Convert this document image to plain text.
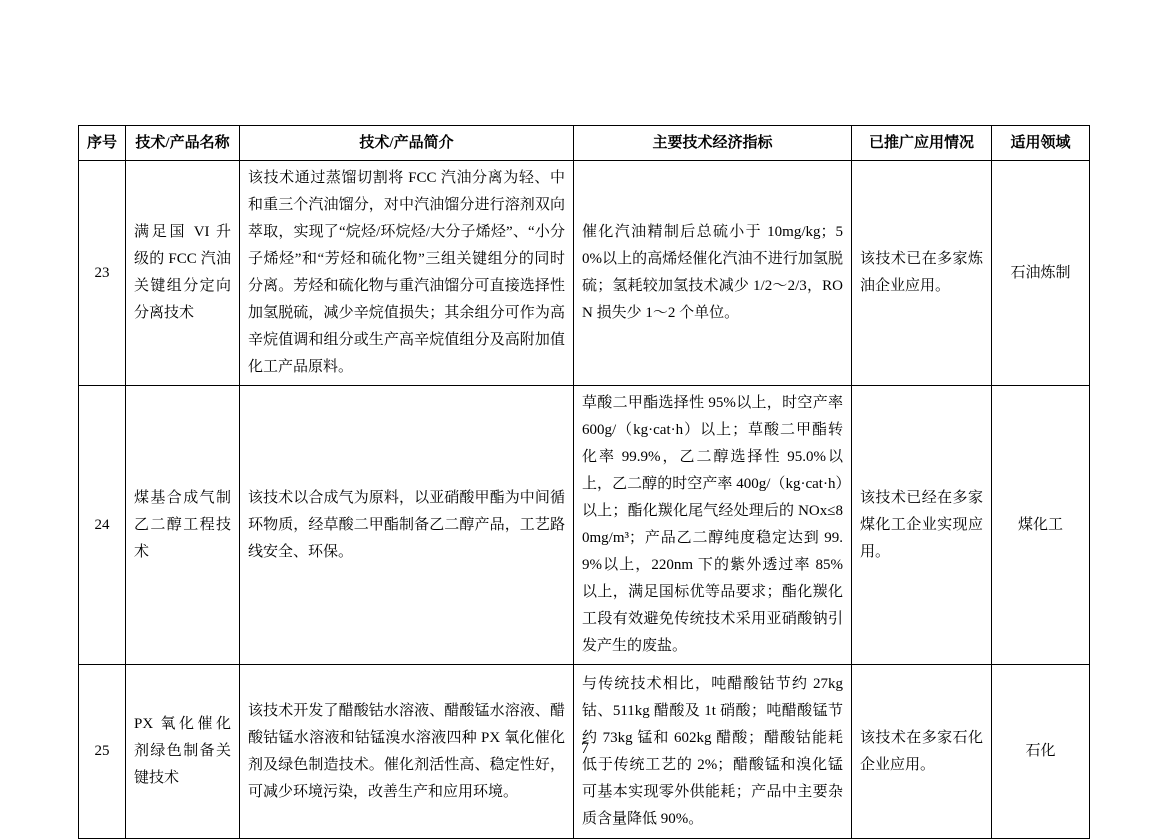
序号	技术/产品名称	技术/产品简介	主要技术经济指标	已推广应用情况	适用领域
23	满足国 VI 升级的 FCC 汽油关键组分定向分离技术	该技术通过蒸馏切割将 FCC 汽油分离为轻、中和重三个汽油馏分，对中汽油馏分进行溶剂双向萃取，实现了“烷烃/环烷烃/大分子烯烃”、“小分子烯烃”和“芳烃和硫化物”三组关键组分的同时分离。芳烃和硫化物与重汽油馏分可直接选择性加氢脱硫，减少辛烷值损失；其余组分可作为高辛烷值调和组分或生产高辛烷值组分及高附加值化工产品原料。	催化汽油精制后总硫小于 10mg/kg；50%以上的高烯烃催化汽油不进行加氢脱硫；氢耗较加氢技术减少 1/2～2/3，RON 损失少 1～2 个单位。	该技术已在多家炼油企业应用。	石油炼制
24	煤基合成气制乙二醇工程技术	该技术以合成气为原料，以亚硝酸甲酯为中间循环物质，经草酸二甲酯制备乙二醇产品，工艺路线安全、环保。	草酸二甲酯选择性 95%以上，时空产率 600g/（kg·cat·h）以上；草酸二甲酯转化率 99.9%，乙二醇选择性 95.0%以上，乙二醇的时空产率 400g/（kg·cat·h）以上；酯化羰化尾气经处理后的 NOx≤80mg/m³；产品乙二醇纯度稳定达到 99.9%以上，220nm 下的紫外透过率 85%以上，满足国标优等品要求；酯化羰化工段有效避免传统技术采用亚硝酸钠引发产生的废盐。	该技术已经在多家煤化工企业实现应用。	煤化工
25	PX 氧化催化剂绿色制备关键技术	该技术开发了醋酸钴水溶液、醋酸锰水溶液、醋酸钴锰水溶液和钴锰溴水溶液四种 PX 氧化催化剂及绿色制造技术。催化剂活性高、稳定性好，可减少环境污染，改善生产和应用环境。	与传统技术相比，吨醋酸钴节约 27kg 钴、511kg 醋酸及 1t 硝酸；吨醋酸锰节约 73kg 锰和 602kg 醋酸；醋酸钴能耗低于传统工艺的 2%；醋酸锰和溴化锰可基本实现零外供能耗；产品中主要杂质含量降低 90%。	该技术在多家石化企业应用。	石化
7
